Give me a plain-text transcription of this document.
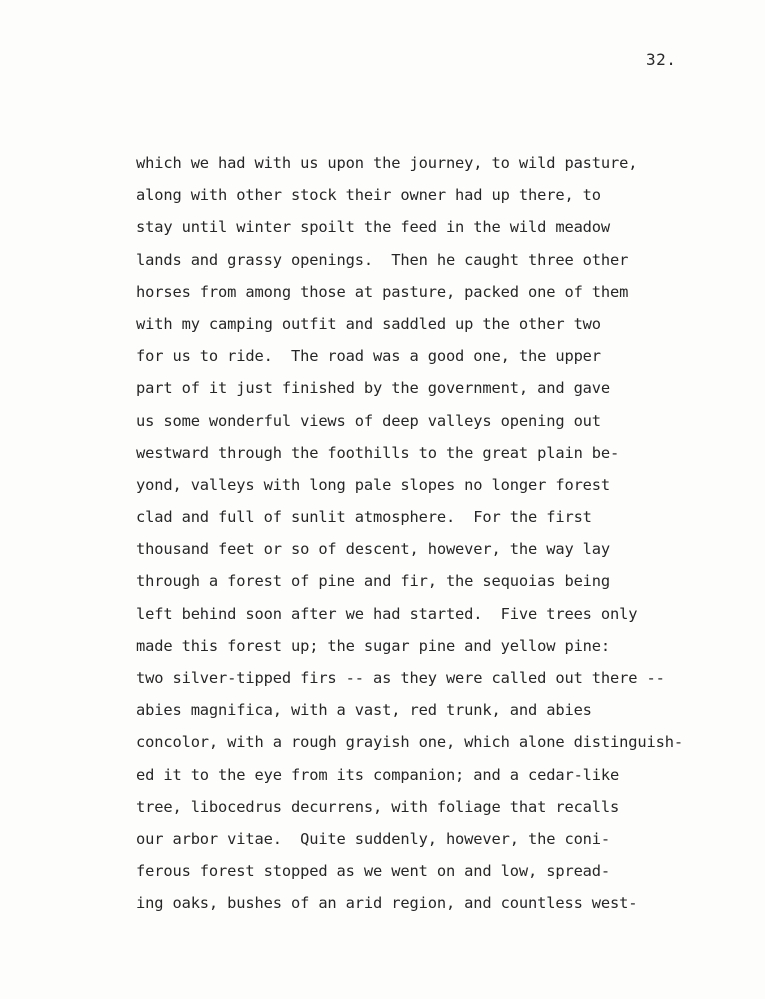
32.
which we had with us upon the journey, to wild pasture,
along with other stock their owner had up there, to
stay until winter spoilt the feed in the wild meadow
lands and grassy openings.  Then he caught three other
horses from among those at pasture, packed one of them
with my camping outfit and saddled up the other two
for us to ride.  The road was a good one, the upper
part of it just finished by the government, and gave
us some wonderful views of deep valleys opening out
westward through the foothills to the great plain be-
yond, valleys with long pale slopes no longer forest
clad and full of sunlit atmosphere.  For the first
thousand feet or so of descent, however, the way lay
through a forest of pine and fir, the sequoias being
left behind soon after we had started.  Five trees only
made this forest up; the sugar pine and yellow pine:
two silver-tipped firs -- as they were called out there --
abies magnifica, with a vast, red trunk, and abies
concolor, with a rough grayish one, which alone distinguish-
ed it to the eye from its companion; and a cedar-like
tree, libocedrus decurrens, with foliage that recalls
our arbor vitae.  Quite suddenly, however, the coni-
ferous forest stopped as we went on and low, spread-
ing oaks, bushes of an arid region, and countless west-
